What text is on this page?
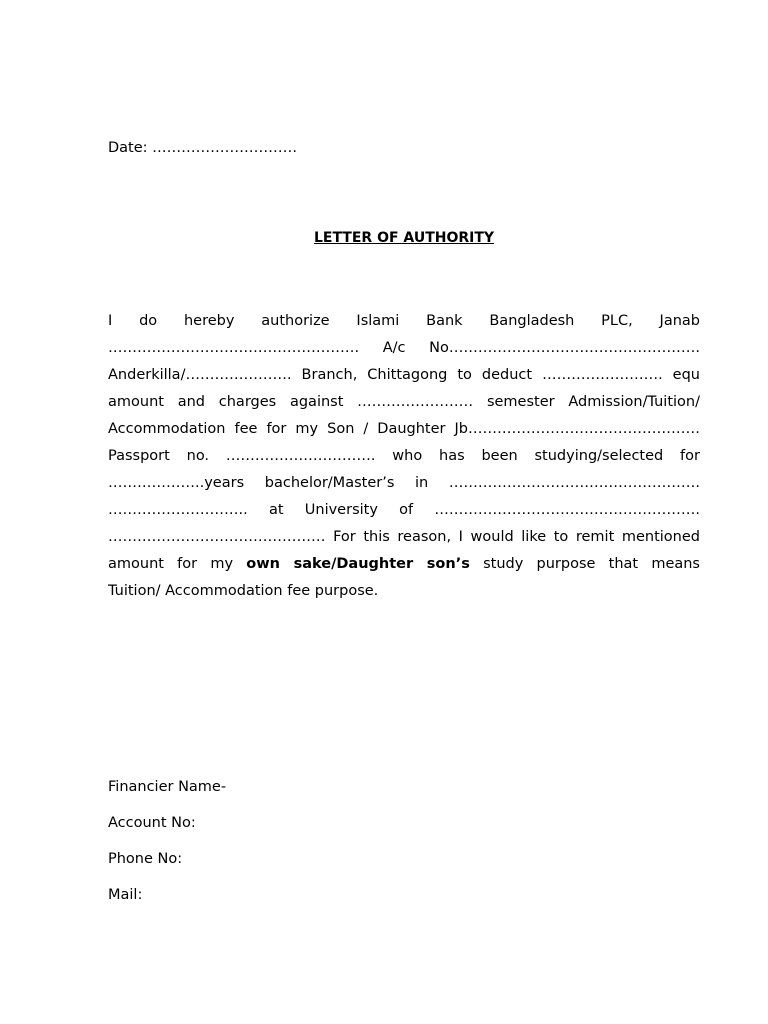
Date: …………………………
LETTER OF AUTHORITY
I do hereby authorize Islami Bank Bangladesh PLC, Janab
……………………………………………. A/c No…………………………………………….
Anderkilla/…………………. Branch, Chittagong to deduct ……………………. equ
amount and charges against …………………… semester Admission/Tuition/
Accommodation fee for my Son / Daughter Jb…………………………………………
Passport no. …………………………. who has been studying/selected for
………………..years bachelor/Master’s in …………………………………………….
……………………….. at University of ……………………………………………….
……………………………………… For this reason, I would like to remit mentioned
amount for my own sake/Daughter son’s study purpose that means
Tuition/ Accommodation fee purpose.
Financier Name-
Account No:
Phone No:
Mail:
